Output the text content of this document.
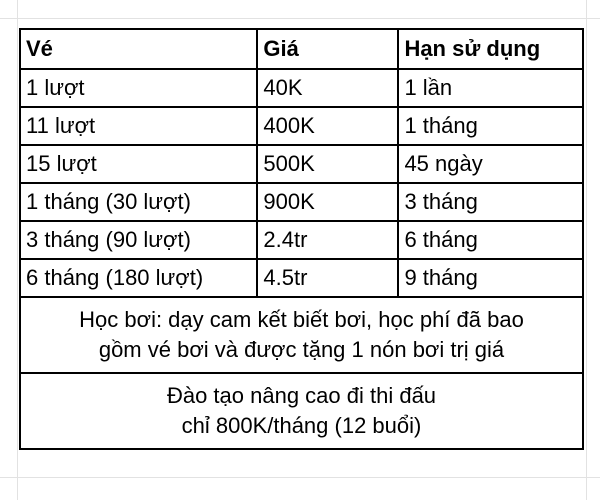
Vé	Giá	Hạn sử dụng
1 lượt	40K	1 lần
11 lượt	400K	1 tháng
15 lượt	500K	45 ngày
1 tháng (30 lượt)	900K	3 tháng
3 tháng (90 lượt)	2.4tr	6 tháng
6 tháng (180 lượt)	4.5tr	9 tháng

Học bơi: dạy cam kết biết bơi, học phí đã bao
gồm vé bơi và được tặng 1 nón bơi trị giá		

Đào tạo nâng cao đi thi đấu
chỉ 800K/tháng (12 buổi)		
